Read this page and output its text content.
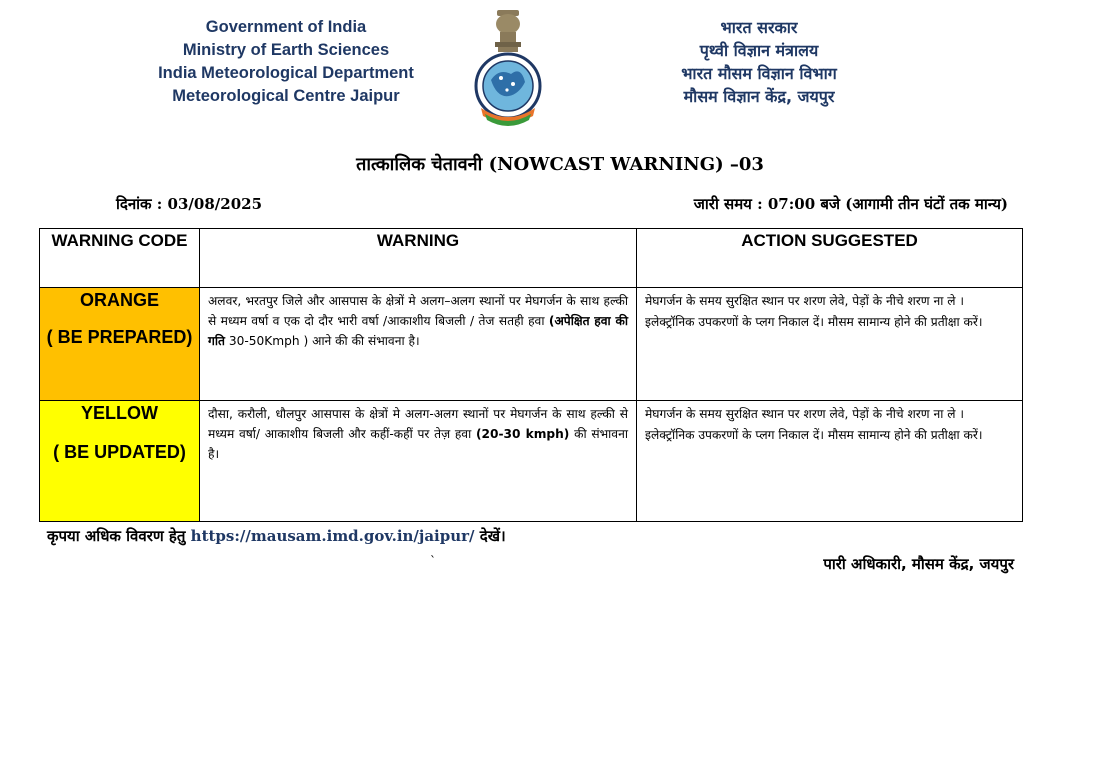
Government of India
Ministry of Earth Sciences
India Meteorological Department
Meteorological Centre Jaipur
भारत सरकार
पृथ्वी विज्ञान मंत्रालय
भारत मौसम विज्ञान विभाग
मौसम विज्ञान केंद्र, जयपुर
तात्कालिक चेतावनी (NOWCAST WARNING) –03
दिनांक : 03/08/2025	जारी समय : 07:00 बजे (आगामी तीन घंटों तक मान्य)
WARNING CODE	WARNING	ACTION SUGGESTED

ORANGE
( BE PREPARED)	अलवर, भरतपुर जिले और आसपास के क्षेत्रों मे अलग–अलग स्थानों पर मेघगर्जन के साथ हल्की से मध्यम वर्षा व एक दो दौर भारी वर्षा /आकाशीय बिजली / तेज सतही हवा (अपेक्षित हवा की गति 30-50Kmph ) आने की की संभावना है।	मेघगर्जन के समय सुरक्षित स्थान पर शरण लेवे, पेड़ों के नीचे शरण ना ले । इलेक्ट्रॉनिक उपकरणों के प्लग निकाल दें। मौसम सामान्य होने की प्रतीक्षा करें।

YELLOW
( BE UPDATED)	दौसा, करौली, धौलपुर आसपास के क्षेत्रों मे अलग-अलग स्थानों पर मेघगर्जन के साथ हल्की से मध्यम वर्षा/ आकाशीय बिजली और कहीं-कहीं पर तेज़ हवा (20-30 kmph) की संभावना है।	मेघगर्जन के समय सुरक्षित स्थान पर शरण लेवे, पेड़ों के नीचे शरण ना ले । इलेक्ट्रॉनिक उपकरणों के प्लग निकाल दें। मौसम सामान्य होने की प्रतीक्षा करें।
कृपया अधिक विवरण हेतु https://mausam.imd.gov.in/jaipur/ देखें।
`	पारी अधिकारी, मौसम केंद्र, जयपुर
